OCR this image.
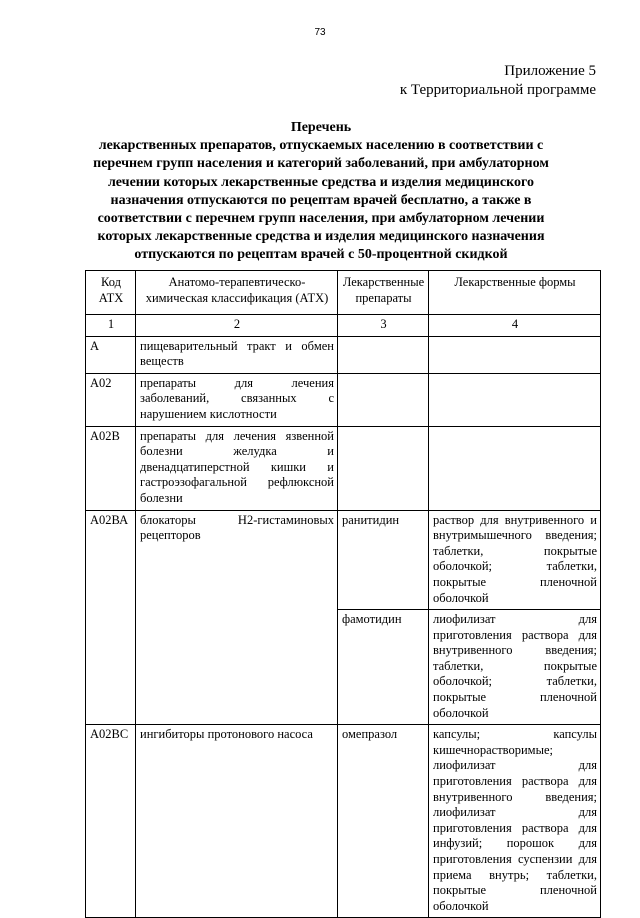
73
Приложение 5
к Территориальной программе
Перечень
лекарственных препаратов, отпускаемых населению в соответствии с
перечнем групп населения и категорий заболеваний, при амбулаторном
лечении которых лекарственные средства и изделия медицинского
назначения отпускаются по рецептам врачей бесплатно, а также в
соответствии с перечнем групп населения, при амбулаторном лечении
которых лекарственные средства и изделия медицинского назначения
отпускаются по рецептам врачей с 50-процентной скидкой
Код АТХ	Анатомо-терапевтическо-химическая классификация (АТХ)	Лекарственные препараты	Лекарственные формы
1	2	3	4
А	пищеварительный тракт и обмен веществ		
А02	препараты для лечения заболеваний, связанных с нарушением кислотности		
А02В	препараты для лечения язвенной болезни желудка и двенадцатиперстной кишки и гастроэзофагальной рефлюксной болезни		
А02ВА	блокаторы Н2-гистаминовых рецепторов	ранитидин	раствор для внутривенного и внутримышечного введения; таблетки, покрытые оболочкой; таблетки, покрытые пленочной оболочкой
		фамотидин	лиофилизат для приготовления раствора для внутривенного введения; таблетки, покрытые оболочкой; таблетки, покрытые пленочной оболочкой
А02ВС	ингибиторы протонового насоса	омепразол	капсулы; капсулы кишечнорастворимые; лиофилизат для приготовления раствора для внутривенного введения; лиофилизат для приготовления раствора для инфузий; порошок для приготовления суспензии для приема внутрь; таблетки, покрытые пленочной оболочкой
